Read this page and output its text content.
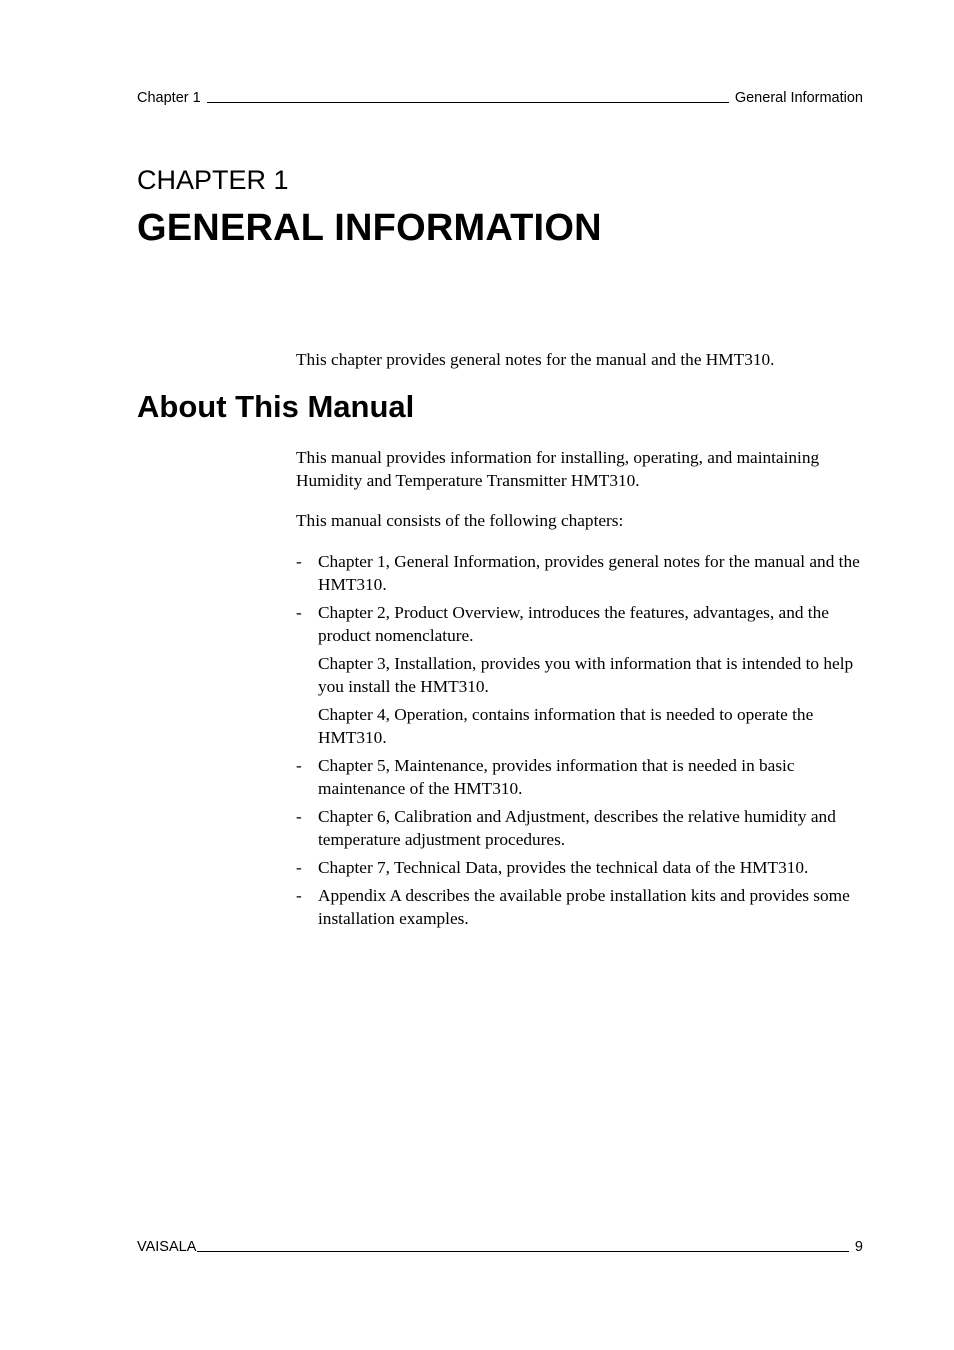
Chapter 1	General Information
CHAPTER 1
GENERAL INFORMATION

This chapter provides general notes for the manual and the HMT310.

About This Manual

This manual provides information for installing, operating, and maintaining Humidity and Temperature Transmitter HMT310.

This manual consists of the following chapters:

- Chapter 1, General Information, provides general notes for the manual and the HMT310.
- Chapter 2, Product Overview, introduces the features, advantages, and the product nomenclature.
Chapter 3, Installation, provides you with information that is intended to help you install the HMT310.
Chapter 4, Operation, contains information that is needed to operate the HMT310.
- Chapter 5, Maintenance, provides information that is needed in basic maintenance of the HMT310.
- Chapter 6, Calibration and Adjustment, describes the relative humidity and temperature adjustment procedures.
- Chapter 7, Technical Data, provides the technical data of the HMT310.
- Appendix A describes the available probe installation kits and provides some installation examples.
VAISALA	9
